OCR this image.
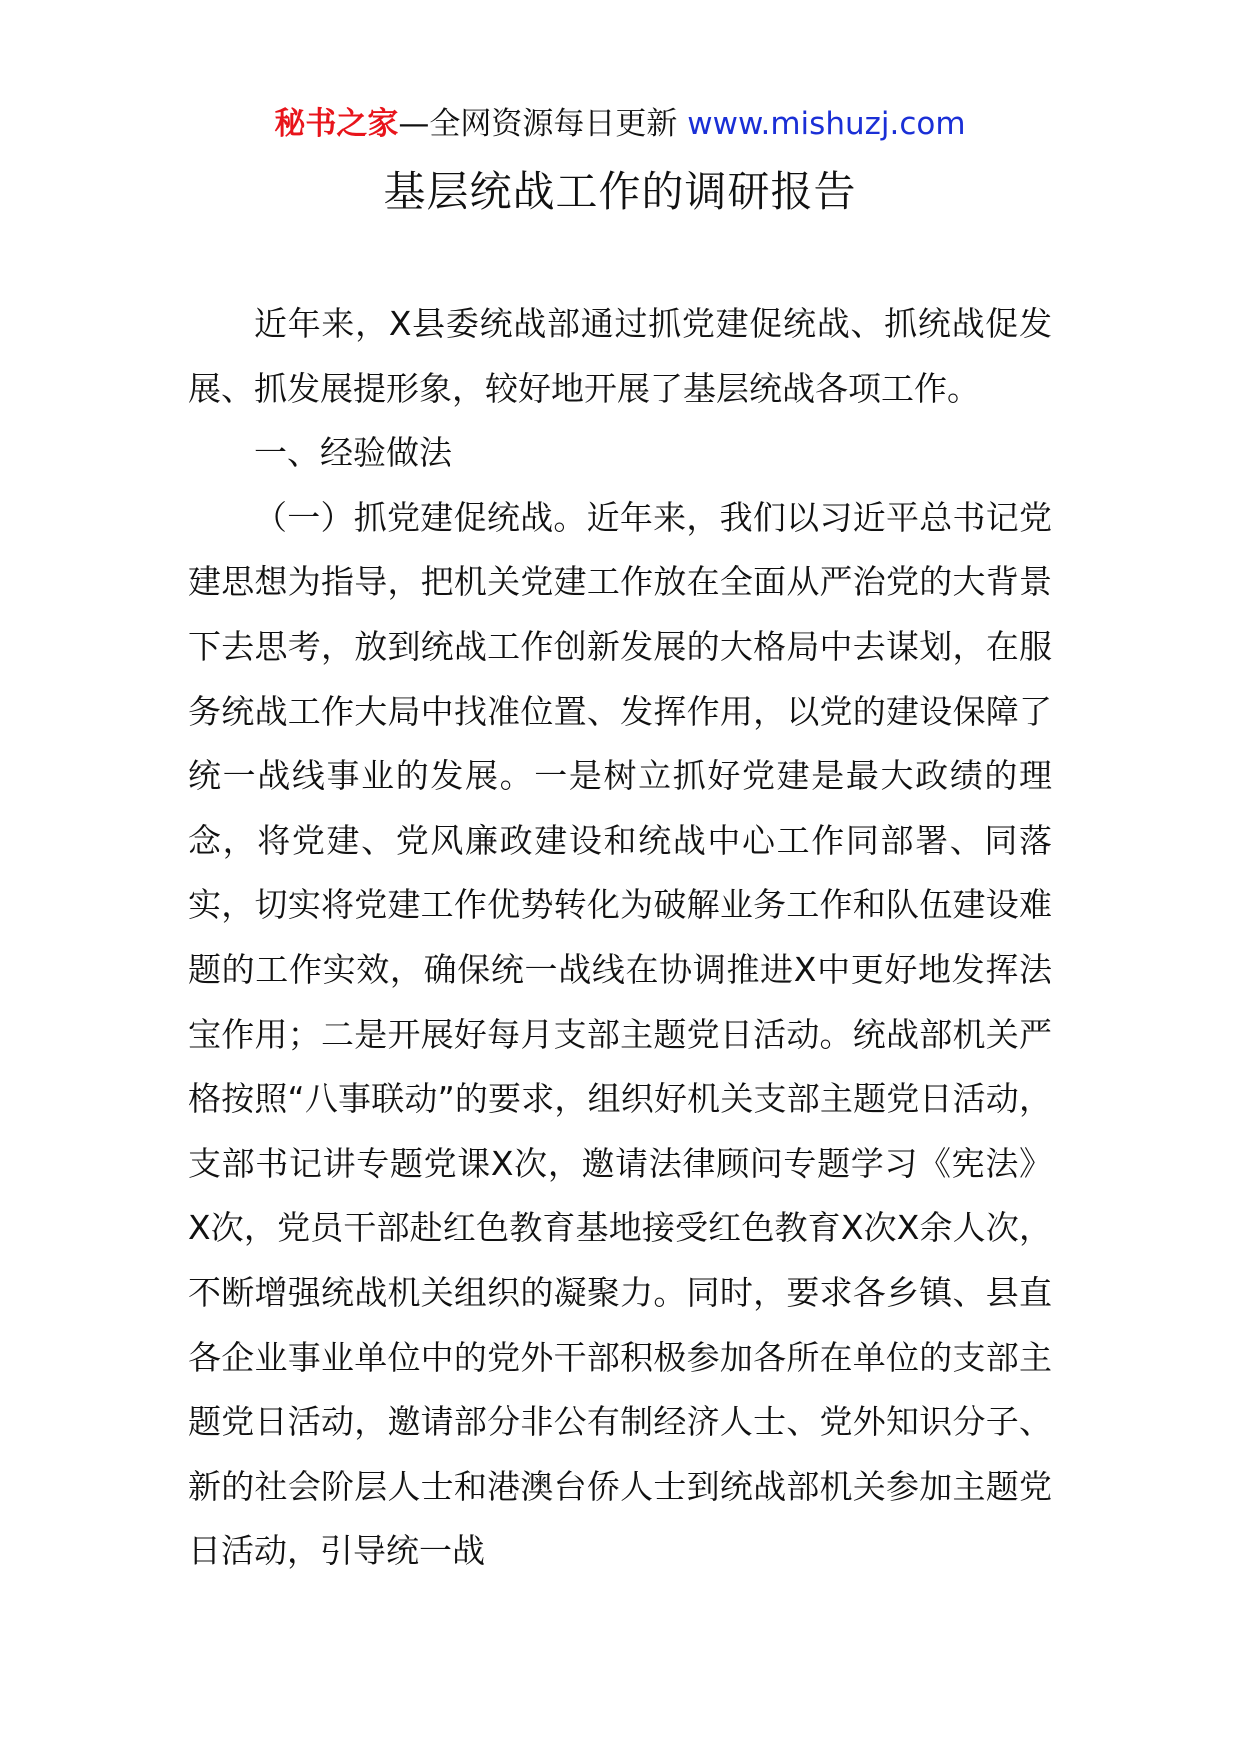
秘书之家—全网资源每日更新 www.mishuzj.com
基层统战工作的调研报告

近年来，X县委统战部通过抓党建促统战、抓统战促发展、抓发展提形象，较好地开展了基层统战各项工作。

一、经验做法

（一）抓党建促统战。近年来，我们以习近平总书记党建思想为指导，把机关党建工作放在全面从严治党的大背景下去思考，放到统战工作创新发展的大格局中去谋划，在服务统战工作大局中找准位置、发挥作用，以党的建设保障了统一战线事业的发展。一是树立抓好党建是最大政绩的理念，将党建、党风廉政建设和统战中心工作同部署、同落实，切实将党建工作优势转化为破解业务工作和队伍建设难题的工作实效，确保统一战线在协调推进X中更好地发挥法宝作用；二是开展好每月支部主题党日活动。统战部机关严格按照“八事联动”的要求，组织好机关支部主题党日活动，支部书记讲专题党课X次，邀请法律顾问专题学习《宪法》X次，党员干部赴红色教育基地接受红色教育X次X余人次，不断增强统战机关组织的凝聚力。同时，要求各乡镇、县直各企业事业单位中的党外干部积极参加各所在单位的支部主题党日活动，邀请部分非公有制经济人士、党外知识分子、新的社会阶层人士和港澳台侨人士到统战部机关参加主题党日活动，引导统一战
